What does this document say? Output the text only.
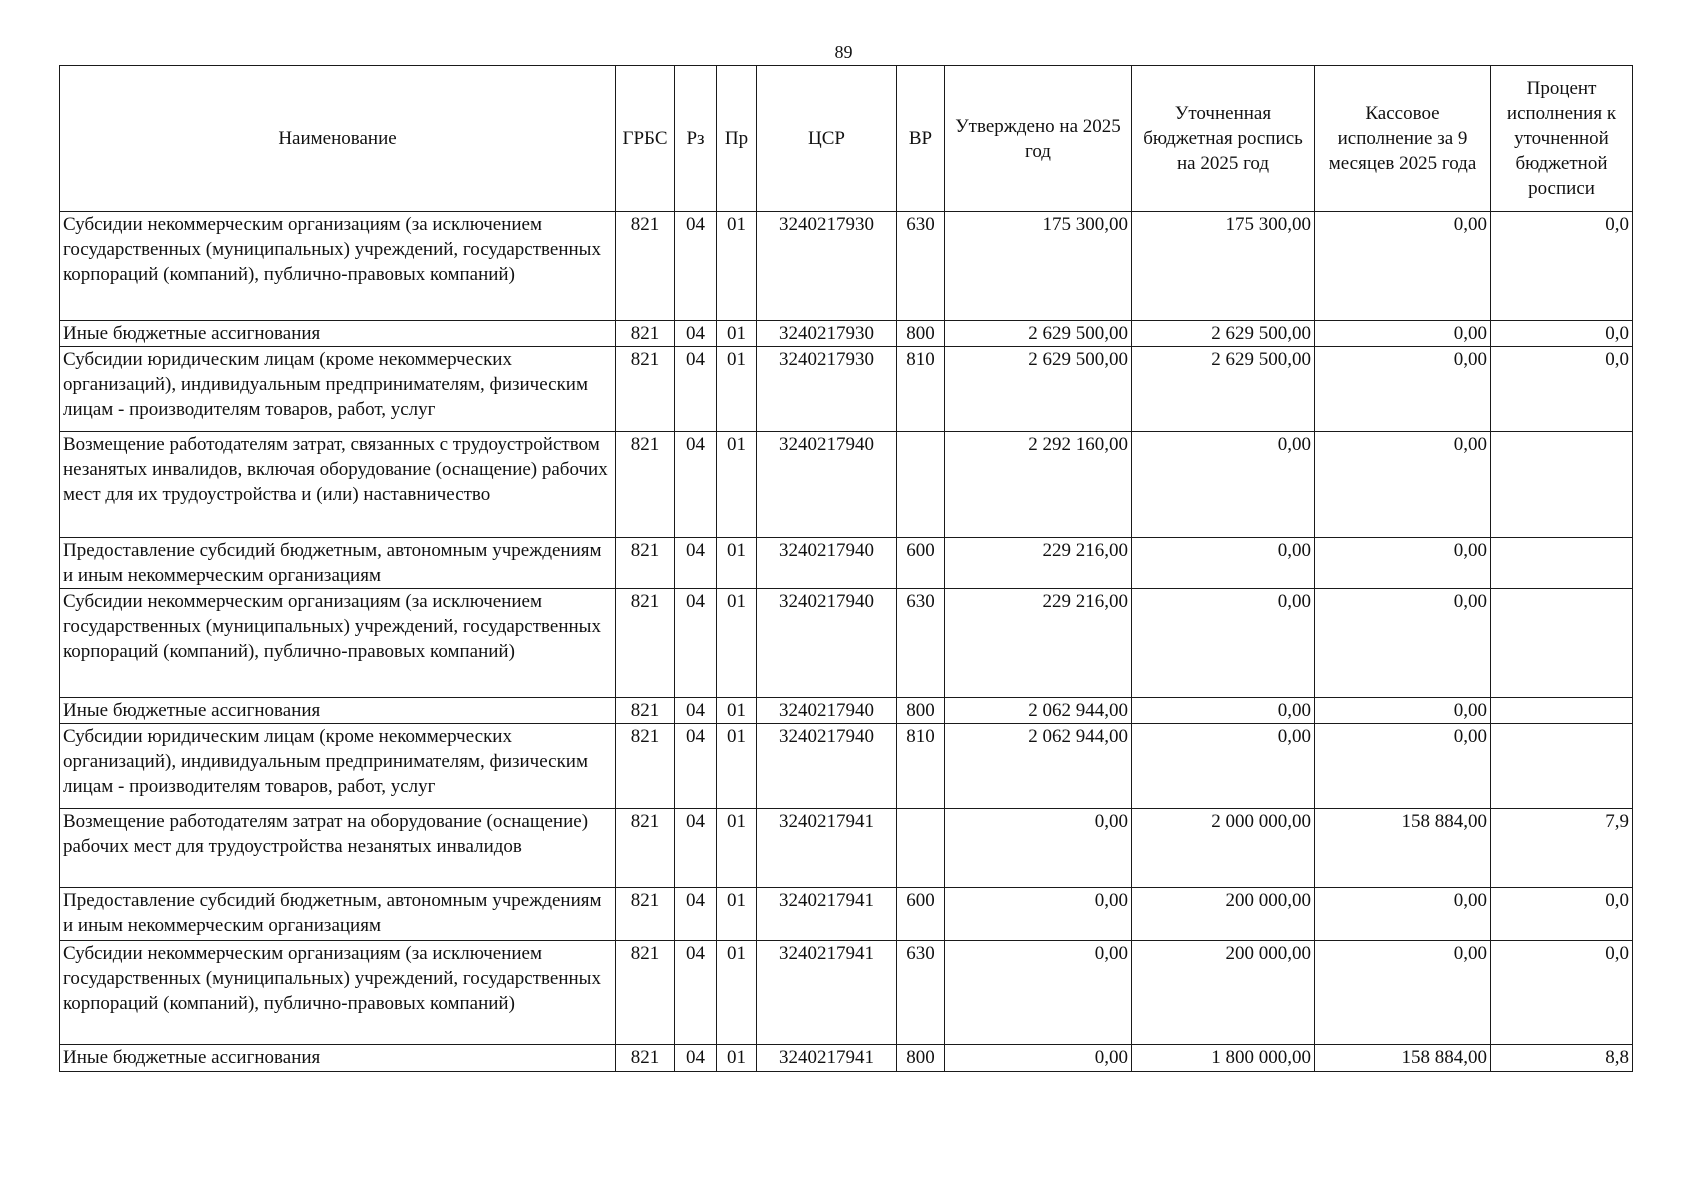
89
Наименование	ГРБС	Рз	Пр	ЦСР	ВР	Утверждено на 2025 год	Уточненная бюджетная роспись на 2025 год	Кассовое исполнение за 9 месяцев 2025 года	Процент исполнения к уточненной бюджетной росписи
Субсидии некоммерческим организациям (за исключением государственных (муниципальных) учреждений, государственных корпораций (компаний), публично-правовых компаний)	821	04	01	3240217930	630	175 300,00	175 300,00	0,00	0,0
Иные бюджетные ассигнования	821	04	01	3240217930	800	2 629 500,00	2 629 500,00	0,00	0,0
Субсидии юридическим лицам (кроме некоммерческих организаций), индивидуальным предпринимателям, физическим лицам - производителям товаров, работ, услуг	821	04	01	3240217930	810	2 629 500,00	2 629 500,00	0,00	0,0
Возмещение работодателям затрат, связанных с трудоустройством незанятых инвалидов, включая оборудование (оснащение) рабочих мест для их трудоустройства и (или) наставничество	821	04	01	3240217940		2 292 160,00	0,00	0,00	
Предоставление субсидий бюджетным, автономным учреждениям и иным некоммерческим организациям	821	04	01	3240217940	600	229 216,00	0,00	0,00	
Субсидии некоммерческим организациям (за исключением государственных (муниципальных) учреждений, государственных корпораций (компаний), публично-правовых компаний)	821	04	01	3240217940	630	229 216,00	0,00	0,00	
Иные бюджетные ассигнования	821	04	01	3240217940	800	2 062 944,00	0,00	0,00	
Субсидии юридическим лицам (кроме некоммерческих организаций), индивидуальным предпринимателям, физическим лицам - производителям товаров, работ, услуг	821	04	01	3240217940	810	2 062 944,00	0,00	0,00	
Возмещение работодателям затрат на оборудование (оснащение) рабочих мест для трудоустройства незанятых инвалидов	821	04	01	3240217941		0,00	2 000 000,00	158 884,00	7,9
Предоставление субсидий бюджетным, автономным учреждениям и иным некоммерческим организациям	821	04	01	3240217941	600	0,00	200 000,00	0,00	0,0
Субсидии некоммерческим организациям (за исключением государственных (муниципальных) учреждений, государственных корпораций (компаний), публично-правовых компаний)	821	04	01	3240217941	630	0,00	200 000,00	0,00	0,0
Иные бюджетные ассигнования	821	04	01	3240217941	800	0,00	1 800 000,00	158 884,00	8,8
